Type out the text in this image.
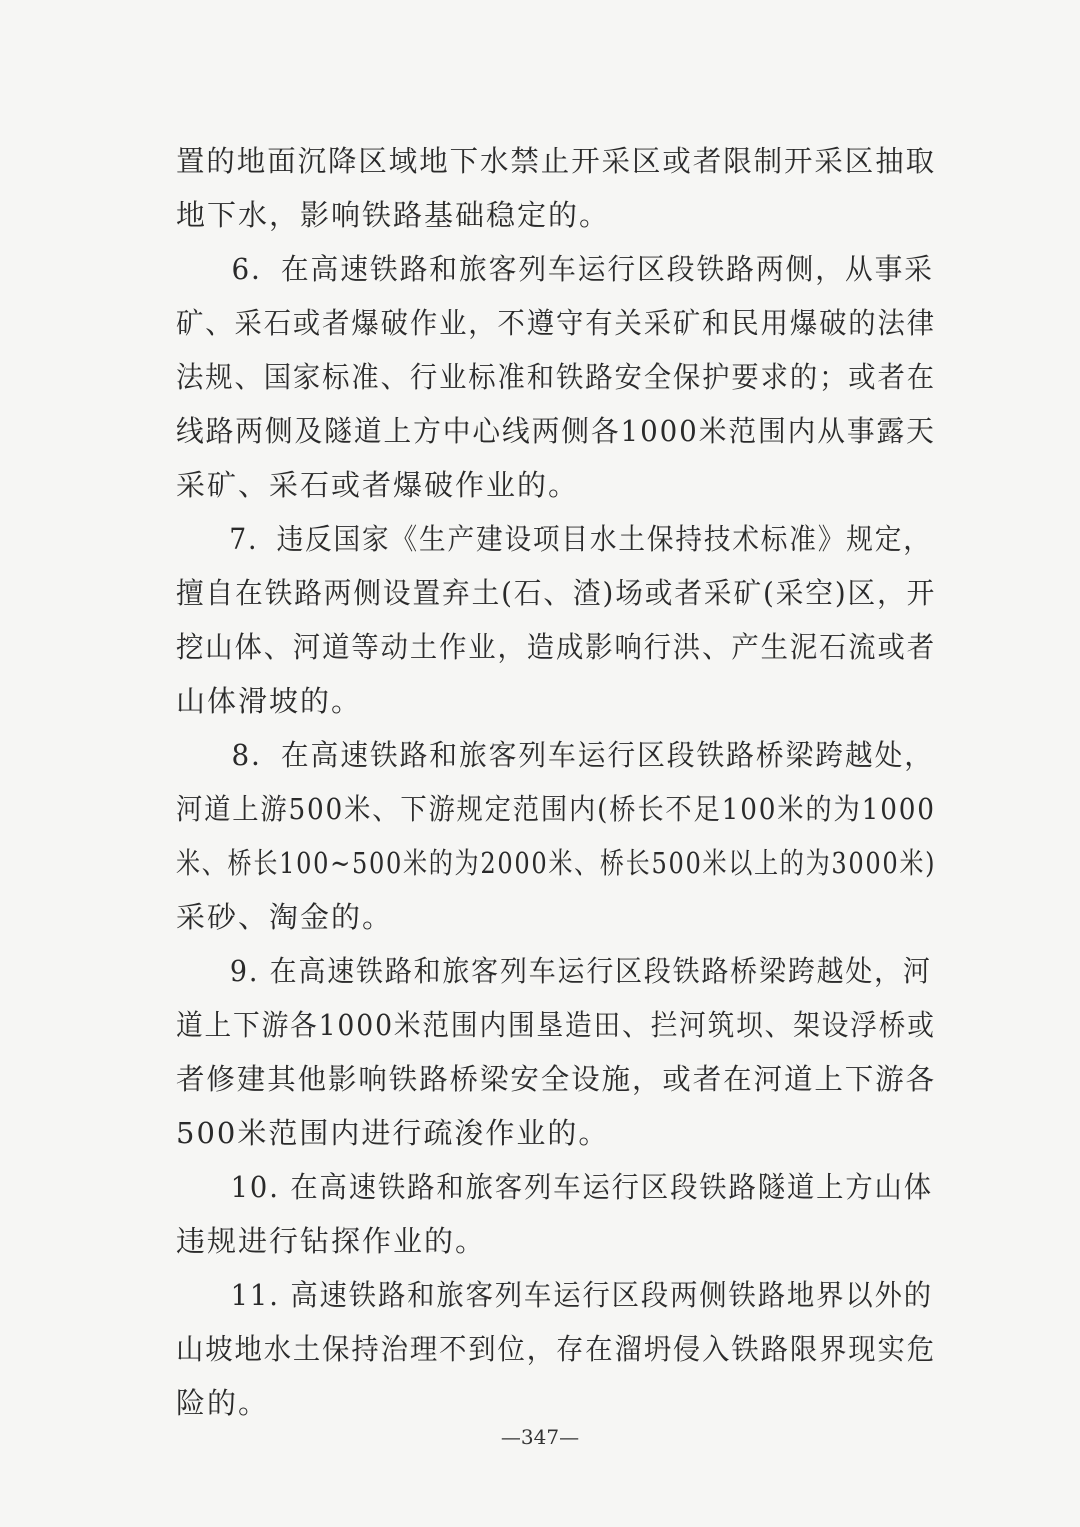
置的地面沉降区域地下水禁止开采区或者限制开采区抽取
地下水，影响铁路基础稳定的。
6．在高速铁路和旅客列车运行区段铁路两侧，从事采
矿、采石或者爆破作业，不遵守有关采矿和民用爆破的法律
法规、国家标准、行业标准和铁路安全保护要求的；或者在
线路两侧及隧道上方中心线两侧各1000米范围内从事露天
采矿、采石或者爆破作业的。
7．违反国家《生产建设项目水土保持技术标准》规定，
擅自在铁路两侧设置弃土(石、渣)场或者采矿(采空)区，开
挖山体、河道等动土作业，造成影响行洪、产生泥石流或者
山体滑坡的。
8．在高速铁路和旅客列车运行区段铁路桥梁跨越处，
河道上游500米、下游规定范围内(桥长不足100米的为1000
米、桥长100~500米的为2000米、桥长500米以上的为3000米)
采砂、淘金的。
9. 在高速铁路和旅客列车运行区段铁路桥梁跨越处，河
道上下游各1000米范围内围垦造田、拦河筑坝、架设浮桥或
者修建其他影响铁路桥梁安全设施，或者在河道上下游各
500米范围内进行疏浚作业的。
10. 在高速铁路和旅客列车运行区段铁路隧道上方山体
违规进行钻探作业的。
11. 高速铁路和旅客列车运行区段两侧铁路地界以外的
山坡地水土保持治理不到位，存在溜坍侵入铁路限界现实危
险的。
—347—
